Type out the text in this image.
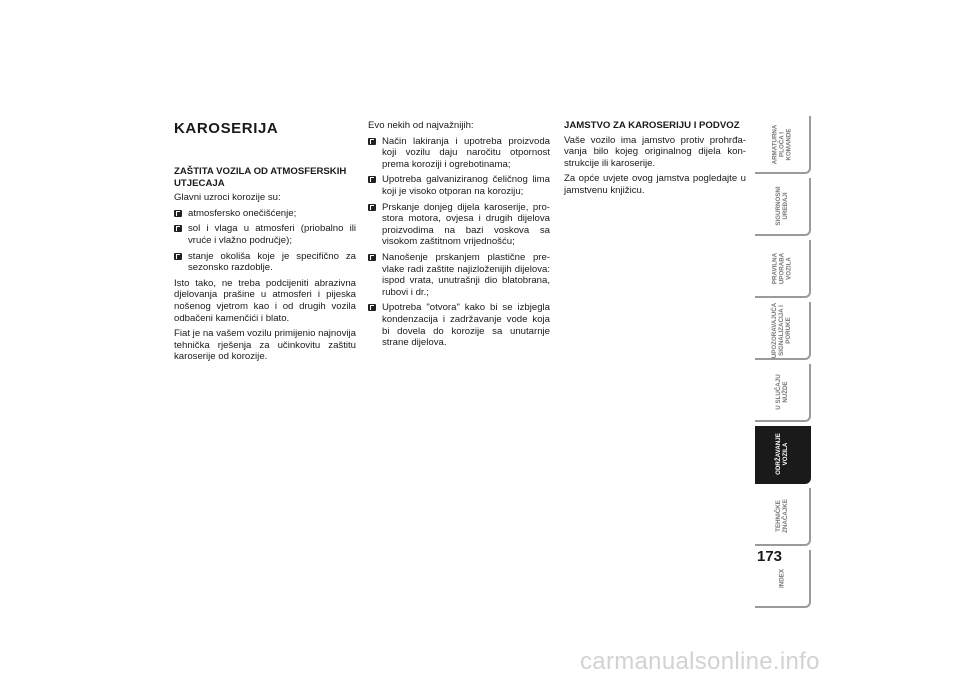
KAROSERIJA
ZAŠTITA VOZILA OD ATMOSFERSKIH UTJECAJA

Glavni uzroci korozije su:

atmosfersko onečišćenje;
sol i vlaga u atmosferi (priobalno ili vruće i vlažno područje);
stanje okoliša koje je specifično za sezonsko razdoblje.

Isto tako, ne treba podcijeniti abrazivna djelovanja prašine u atmosferi i pijeska nošenog vjetrom kao i od drugih vozila odbačeni kamenčići i blato.

Fiat je na vašem vozilu primijenio najnovija tehnička rješenja za učinkovitu zaštitu karoserije od korozije.

Evo nekih od najvažnijih:

Način lakiranja i upotreba proizvoda koji vozilu daju naročitu otpornost prema koroziji i ogrebotinama;
Upotreba galvaniziranog čeličnog lima koji je visoko otporan na koroziju;
Prskanje donjeg dijela karoserije, pro-stora motora, ovjesa i drugih dijelova proizvodima na bazi voskova sa visokom zaštitnom vrijednošću;
Nanošenje prskanjem plastične pre-vlake radi zaštite najizloženijih dijelova: ispod vrata, unutrašnji dio blatobrana, rubovi i dr.;
Upotreba "otvora" kako bi se izbjegla kondenzacija i zadržavanje vode koja bi dovela do korozije sa unutarnje strane dijelova.
JAMSTVO ZA KAROSERIJU I PODVOZ

Vaše vozilo ima jamstvo protiv prohrđa-vanja bilo kojeg originalnog dijela kon-strukcije ili karoserije.

Za opće uvjete ovog jamstva pogledajte u jamstvenu knjižicu.

ARMATURNA
PLOČA I
KOMANDE
SIGURNOSNI
UREĐAJI
PRAVILNA
UPORABA
VOZILA
UPOZORAVAJUĆA
SIGNALIZACIJA I
PORUKE
U SLUČAJU
NUŽDE
ODRŽAVANJE
VOZILA
TEHNIČKE
ZNAČAJKE
INDEX
173
carmanualsonline.info
